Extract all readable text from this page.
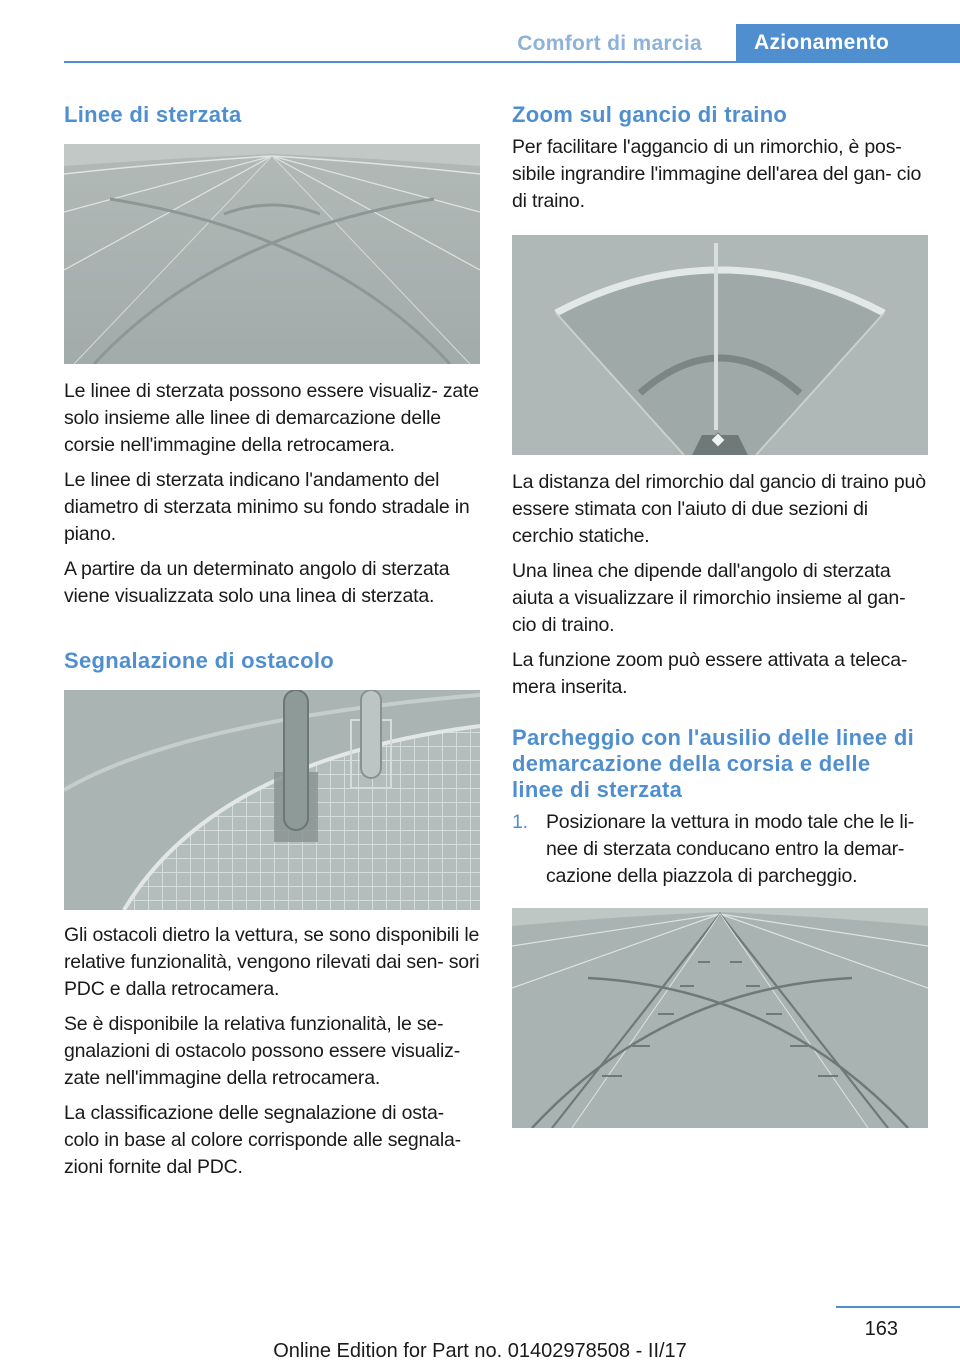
Comfort di marcia	Azionamento
Linee di sterzata

Le linee di sterzata possono essere visualiz‐ zate solo insieme alle linee di demarcazione delle corsie nell'immagine della retrocamera.

Le linee di sterzata indicano l'andamento del diametro di sterzata minimo su fondo stradale in piano.

A partire da un determinato angolo di sterzata viene visualizzata solo una linea di sterzata.

Segnalazione di ostacolo

Gli ostacoli dietro la vettura, se sono disponibili le relative funzionalità, vengono rilevati dai sen‐ sori PDC e dalla retrocamera.

Se è disponibile la relativa funzionalità, le se‐ gnalazioni di ostacolo possono essere visualiz‐ zate nell'immagine della retrocamera.

La classificazione delle segnalazione di osta‐ colo in base al colore corrisponde alle segnala‐ zioni fornite dal PDC.

Zoom sul gancio di traino

Per facilitare l'aggancio di un rimorchio, è pos‐ sibile ingrandire l'immagine dell'area del gan‐ cio di traino.

La distanza del rimorchio dal gancio di traino può essere stimata con l'aiuto di due sezioni di cerchio statiche.

Una linea che dipende dall'angolo di sterzata aiuta a visualizzare il rimorchio insieme al gan‐ cio di traino.

La funzione zoom può essere attivata a teleca‐ mera inserita.

Parcheggio con l'ausilio delle linee di demarcazione della corsia e delle linee di sterzata
1. Posizionare la vettura in modo tale che le li‐ nee di sterzata conducano entro la demar‐ cazione della piazzola di parcheggio.
163
Online Edition for Part no. 01402978508 - II/17
